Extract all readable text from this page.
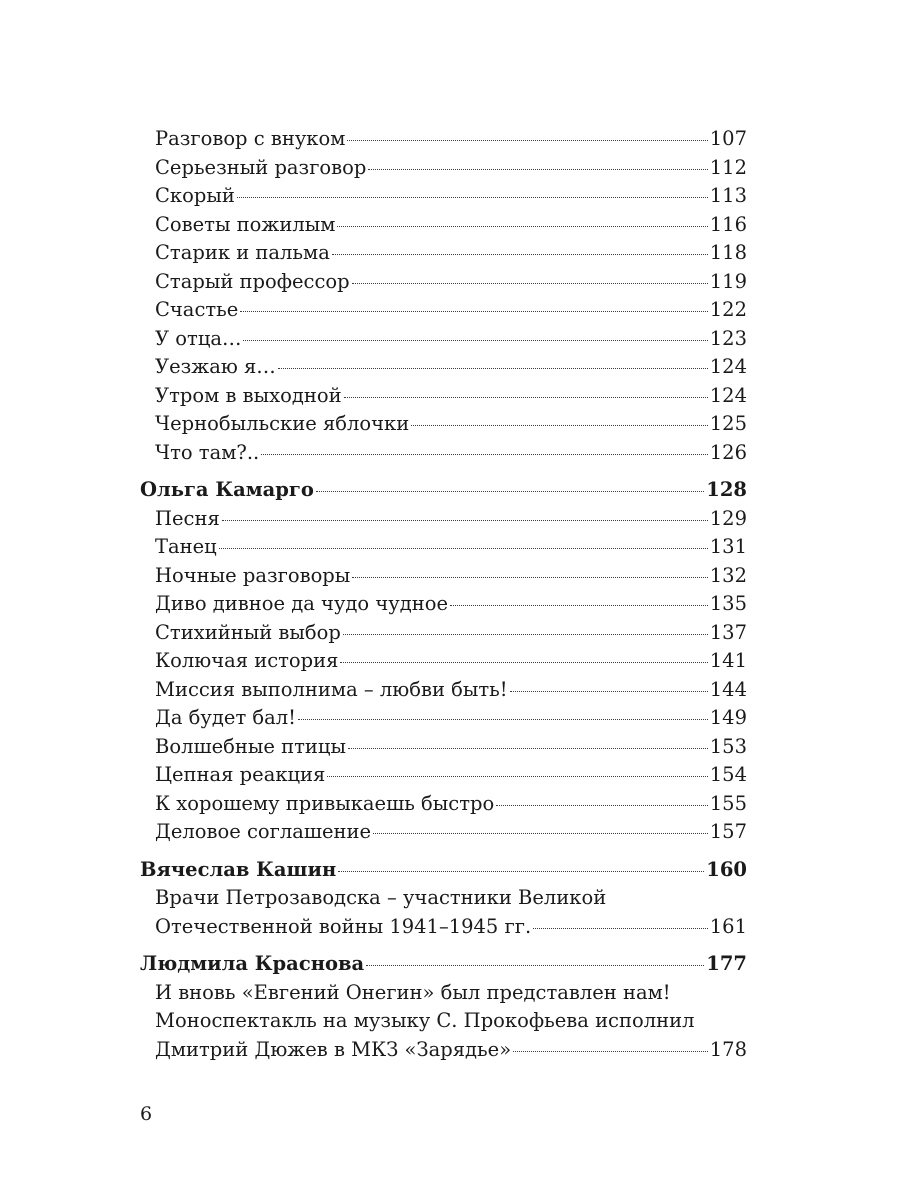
Разговор с внуком	107
Серьезный разговор	112
Скорый	113
Советы пожилым	116
Старик и пальма	118
Старый профессор	119
Счастье	122
У отца…	123
Уезжаю я…	124
Утром в выходной	124
Чернобыльские яблочки	125
Что там?..	126
Ольга Камарго	128
Песня	129
Танец	131
Ночные разговоры	132
Диво дивное да чудо чудное	135
Стихийный выбор	137
Колючая история	141
Миссия выполнима – любви быть!	144
Да будет бал!	149
Волшебные птицы	153
Цепная реакция	154
К хорошему привыкаешь быстро	155
Деловое соглашение	157
Вячеслав Кашин	160
Врачи Петрозаводска – участники Великой
Отечественной войны 1941–1945 гг.	161
Людмила Краснова	177
И вновь «Евгений Онегин» был представлен нам!
Моноспектакль на музыку С. Прокофьева исполнил
Дмитрий Дюжев в МКЗ «Зарядье»	178
6
